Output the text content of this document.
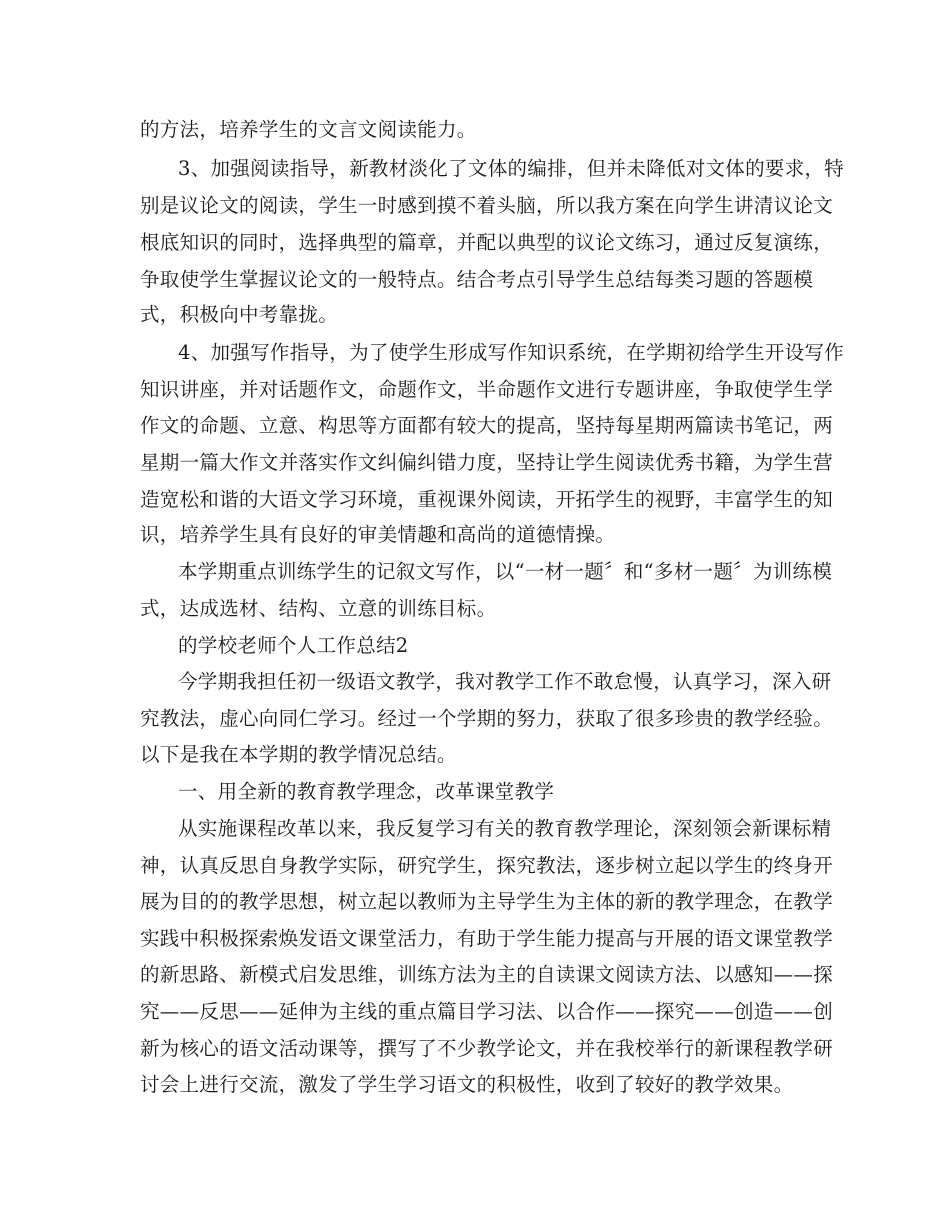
的方法，培养学生的文言文阅读能力。
3、加强阅读指导，新教材淡化了文体的编排，但并未降低对文体的要求，特
别是议论文的阅读，学生一时感到摸不着头脑，所以我方案在向学生讲清议论文
根底知识的同时，选择典型的篇章，并配以典型的议论文练习，通过反复演练，
争取使学生掌握议论文的一般特点。结合考点引导学生总结每类习题的答题模
式，积极向中考靠拢。
4、加强写作指导，为了使学生形成写作知识系统，在学期初给学生开设写作
知识讲座，并对话题作文，命题作文，半命题作文进行专题讲座，争取使学生学
作文的命题、立意、构思等方面都有较大的提高，坚持每星期两篇读书笔记，两
星期一篇大作文并落实作文纠偏纠错力度，坚持让学生阅读优秀书籍，为学生营
造宽松和谐的大语文学习环境，重视课外阅读，开拓学生的视野，丰富学生的知
识，培养学生具有良好的审美情趣和高尚的道德情操。
本学期重点训练学生的记叙文写作，以“一材一题〞和“多材一题〞为训练模
式，达成选材、结构、立意的训练目标。
的学校老师个人工作总结2
今学期我担任初一级语文教学，我对教学工作不敢怠慢，认真学习，深入研
究教法，虚心向同仁学习。经过一个学期的努力，获取了很多珍贵的教学经验。
以下是我在本学期的教学情况总结。
一、用全新的教育教学理念，改革课堂教学
从实施课程改革以来，我反复学习有关的教育教学理论，深刻领会新课标精
神，认真反思自身教学实际，研究学生，探究教法，逐步树立起以学生的终身开
展为目的的教学思想，树立起以教师为主导学生为主体的新的教学理念，在教学
实践中积极探索焕发语文课堂活力，有助于学生能力提高与开展的语文课堂教学
的新思路、新模式启发思维，训练方法为主的自读课文阅读方法、以感知——探
究——反思——延伸为主线的重点篇目学习法、以合作——探究——创造——创
新为核心的语文活动课等，撰写了不少教学论文，并在我校举行的新课程教学研
讨会上进行交流，激发了学生学习语文的积极性，收到了较好的教学效果。
